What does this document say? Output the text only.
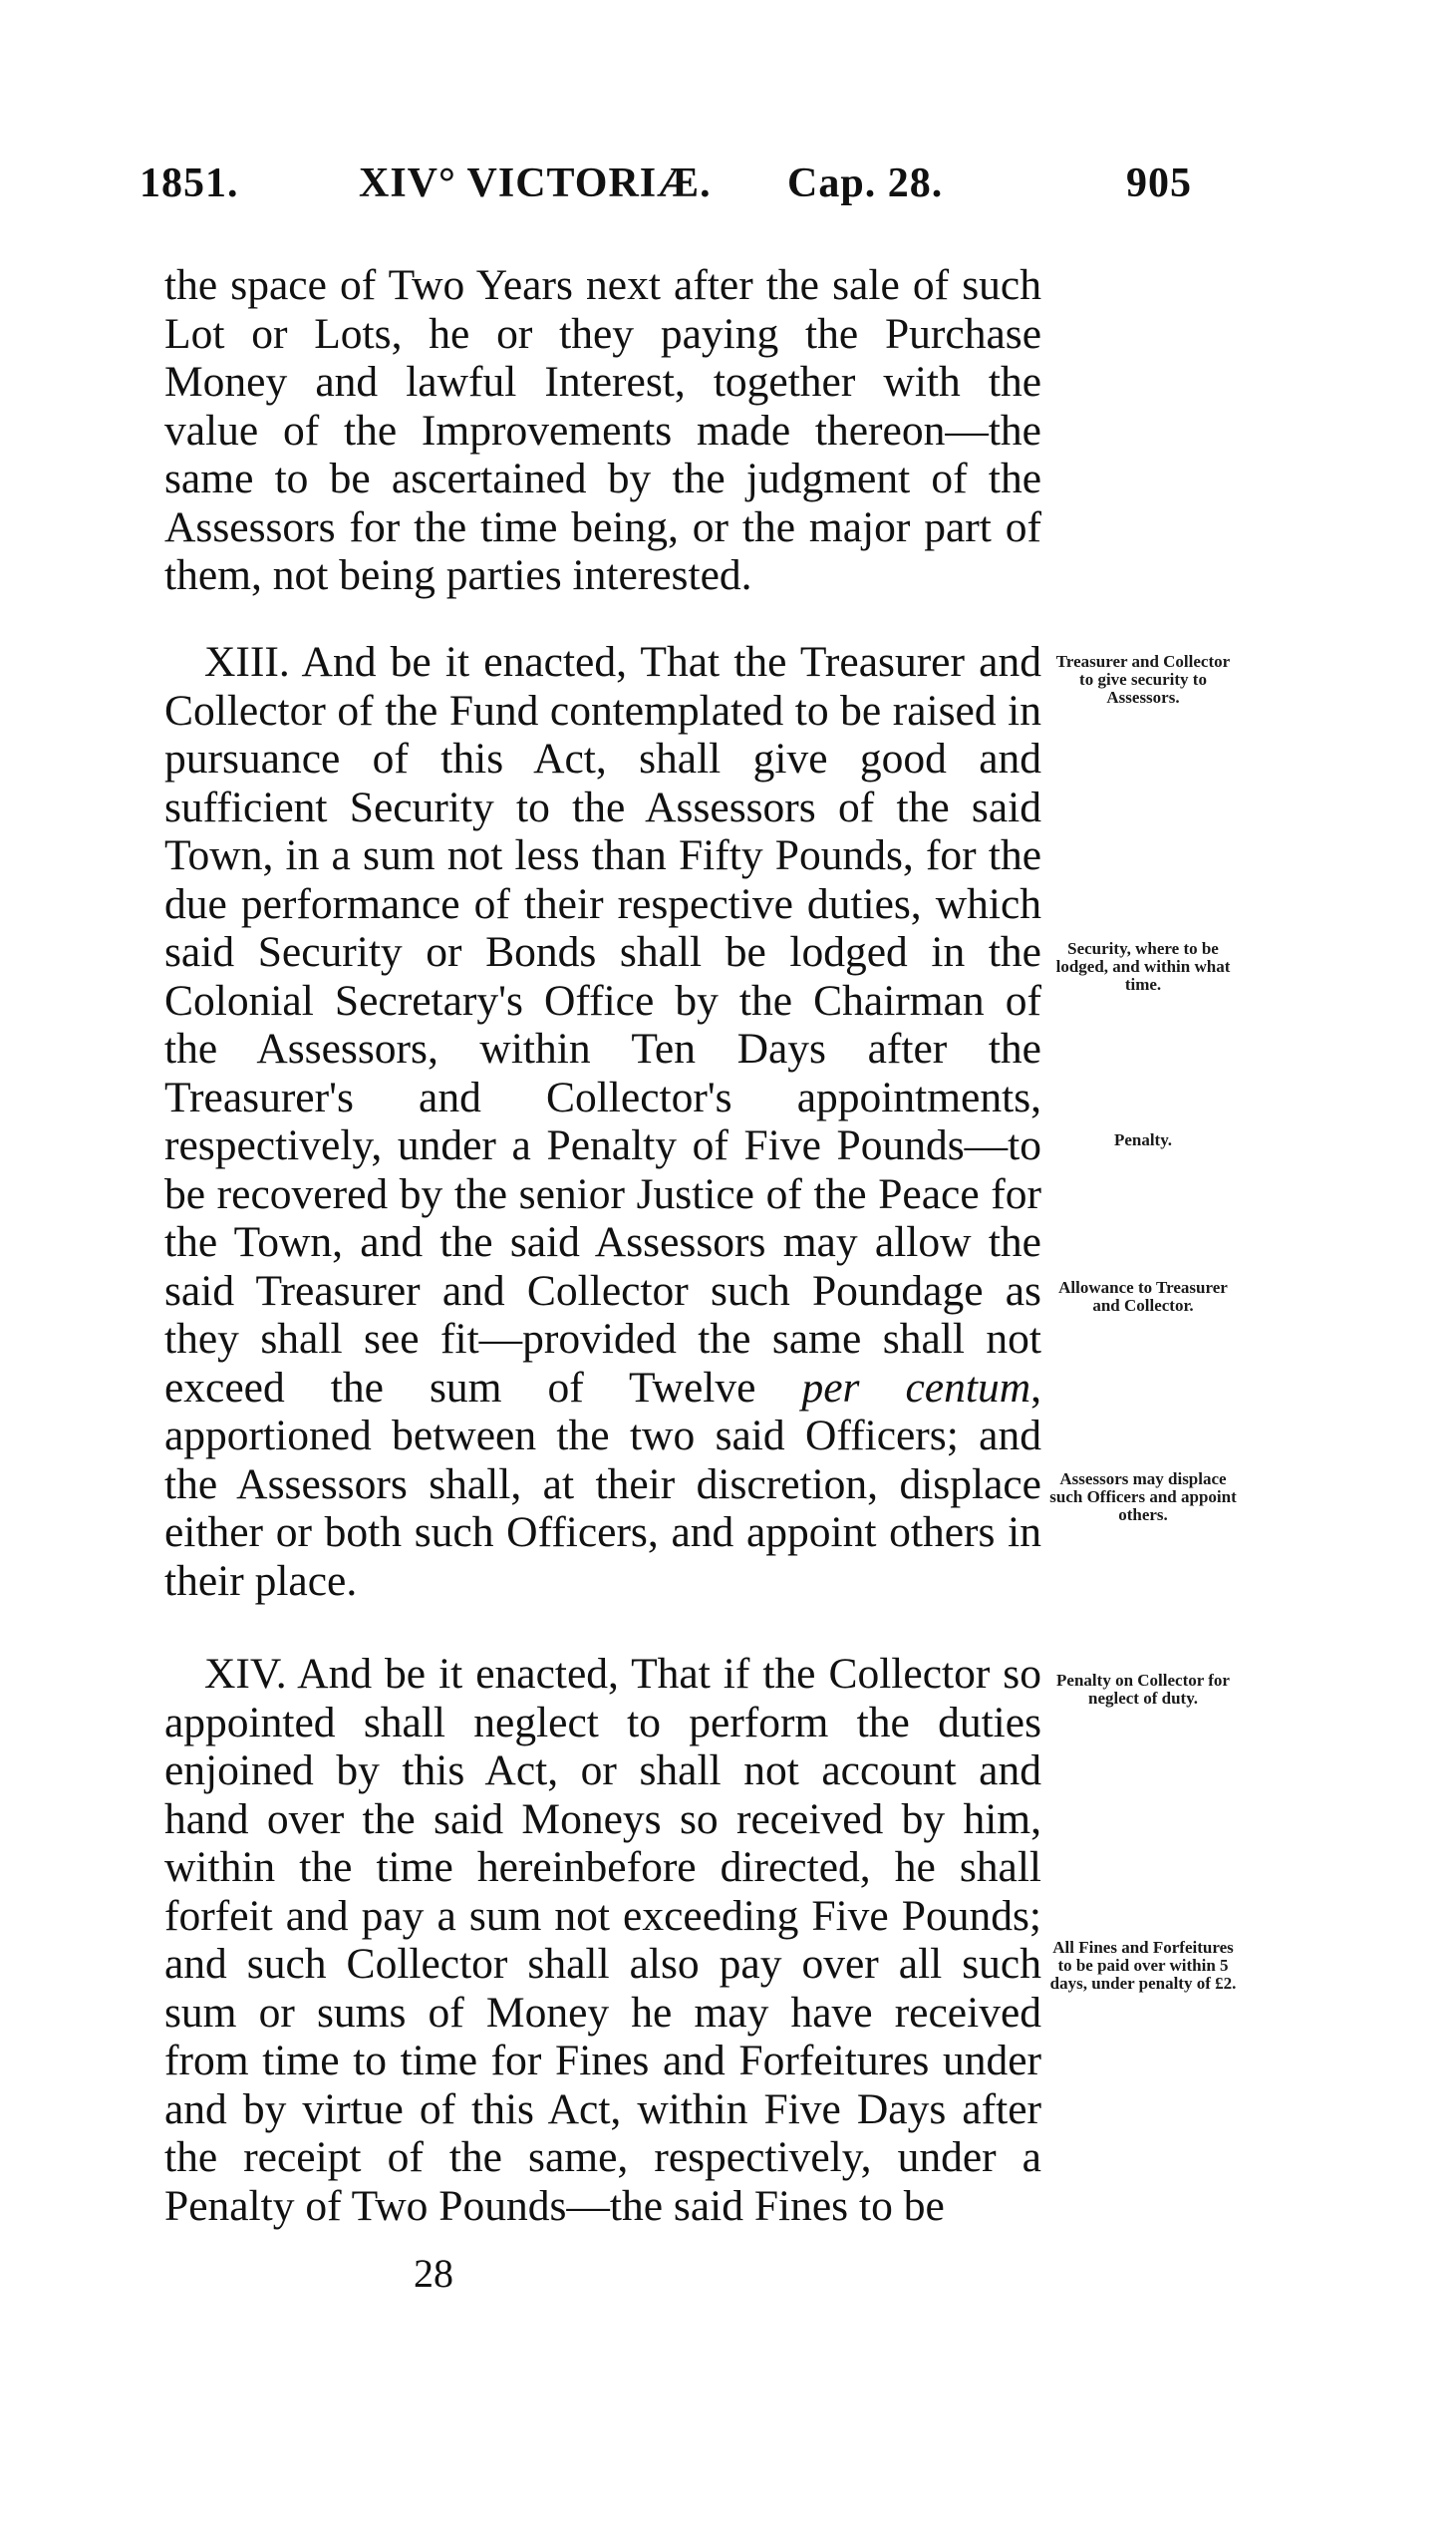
1851.	XIV° VICTORIÆ. Cap. 28.	905

the space of Two Years next after the sale of such Lot or Lots, he or they paying the Purchase Money and lawful Interest, together with the value of the Improvements made thereon—the same to be ascertained by the judgment of the Assessors for the time being, or the major part of them, not being parties interested.

XIII. And be it enacted, That the Treasurer and Collector of the Fund contemplated to be raised in pursuance of this Act, shall give good and sufficient Security to the Assessors of the said Town, in a sum not less than Fifty Pounds, for the due performance of their respective duties, which said Security or Bonds shall be lodged in the Colonial Secretary's Office by the Chairman of the Assessors, within Ten Days after the Treasurer's and Collector's appointments, respectively, under a Penalty of Five Pounds—to be recovered by the senior Justice of the Peace for the Town, and the said Assessors may allow the said Treasurer and Collector such Poundage as they shall see fit—provided the same shall not exceed the sum of Twelve per centum, apportioned between the two said Officers; and the Assessors shall, at their discretion, displace either or both such Officers, and appoint others in their place.

XIV. And be it enacted, That if the Collector so appointed shall neglect to perform the duties enjoined by this Act, or shall not account and hand over the said Moneys so received by him, within the time hereinbefore directed, he shall forfeit and pay a sum not exceeding Five Pounds; and such Collector shall also pay over all such sum or sums of Money he may have received from time to time for Fines and Forfeitures under and by virtue of this Act, within Five Days after the receipt of the same, respectively, under a Penalty of Two Pounds—the said Fines to be

Treasurer and Collector to give security to Assessors.
Security, where to be lodged, and within what time.
Penalty.
Allowance to Treasurer and Collector.
Assessors may displace such Officers and appoint others.
Penalty on Collector for neglect of duty.
All Fines and Forfeitures to be paid over within 5 days, under penalty of £2.
28
